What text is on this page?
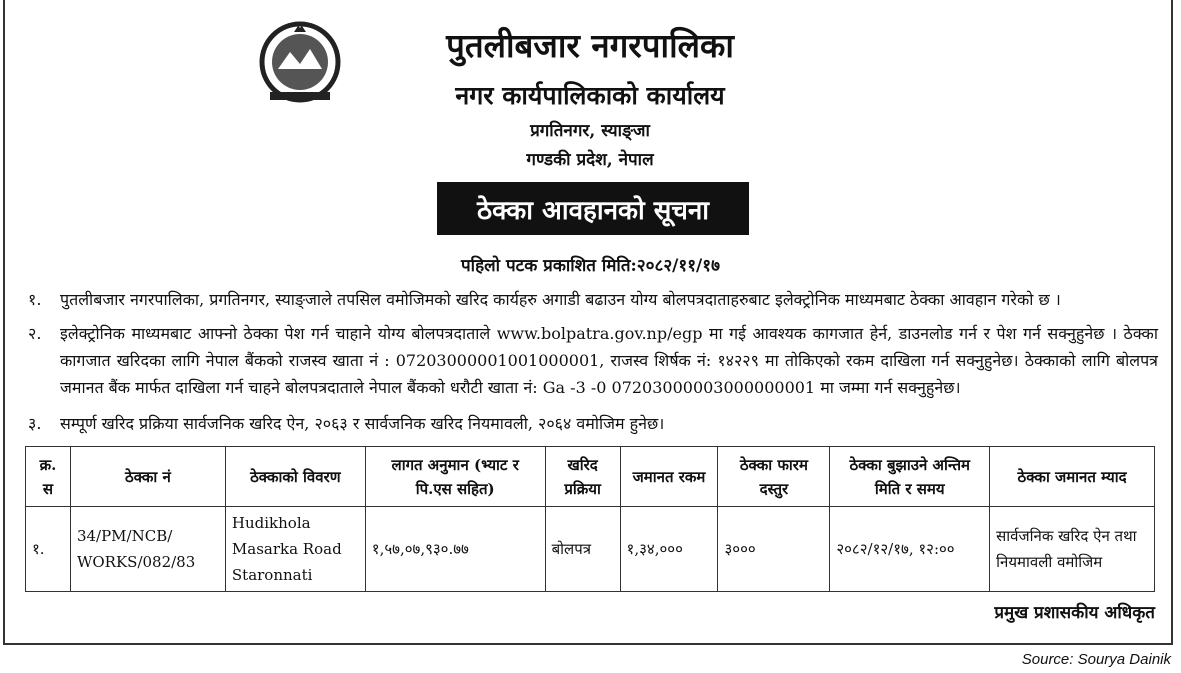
पुतलीबजार नगरपालिका
नगर कार्यपालिकाको कार्यालय
प्रगतिनगर, स्याङ्जा
गण्डकी प्रदेश, नेपाल
ठेक्का आवहानको सूचना
पहिलो पटक प्रकाशित मिति:२०८२/११/१७
१. पुतलीबजार नगरपालिका, प्रगतिनगर, स्याङ्जाले तपसिल वमोजिमको खरिद कार्यहरु अगाडी बढाउन योग्य बोलपत्रदाताहरुबाट इलेक्ट्रोनिक माध्यमबाट ठेक्का आवहान गरेको छ ।
२. इलेक्ट्रोनिक माध्यमबाट आफ्नो ठेक्का पेश गर्न चाहाने योग्य बोलपत्रदाताले www.bolpatra.gov.np/egp मा गई आवश्यक कागजात हेर्न, डाउनलोड गर्न र पेश गर्न सक्नुहुनेछ । ठेक्का कागजात खरिदका लागि नेपाल बैंकको राजस्व खाता नं : 07203000001001000001, राजस्व शिर्षक नं: १४२२९ मा तोकिएको रकम दाखिला गर्न सक्नुहुनेछ। ठेक्काको लागि बोलपत्र जमानत बैंक मार्फत दाखिला गर्न चाहने बोलपत्रदाताले नेपाल बैंकको धरौटी खाता नं: Ga -3 -0 07203000003000000001 मा जम्मा गर्न सक्नुहुनेछ।
३. सम्पूर्ण खरिद प्रक्रिया सार्वजनिक खरिद ऐन, २०६३ र सार्वजनिक खरिद नियमावली, २०६४ वमोजिम हुनेछ।
क्र. स	ठेक्का नं	ठेक्काको विवरण	लागत अनुमान (भ्याट र पि.एस सहित)	खरिद प्रक्रिया	जमानत रकम	ठेक्का फारम दस्तुर	ठेक्का बुझाउने अन्तिम मिति र समय	ठेक्का जमानत म्याद
१.	34/PM/NCB/ WORKS/082/83	Hudikhola Masarka Road Staronnati	१,५७,०७,९३०.७७	बोलपत्र	१,३४,०००	३०००	२०८२/१२/१७, १२:००	सार्वजनिक खरिद ऐन तथा नियमावली वमोजिम
प्रमुख प्रशासकीय अधिकृत
Source: Sourya Dainik
